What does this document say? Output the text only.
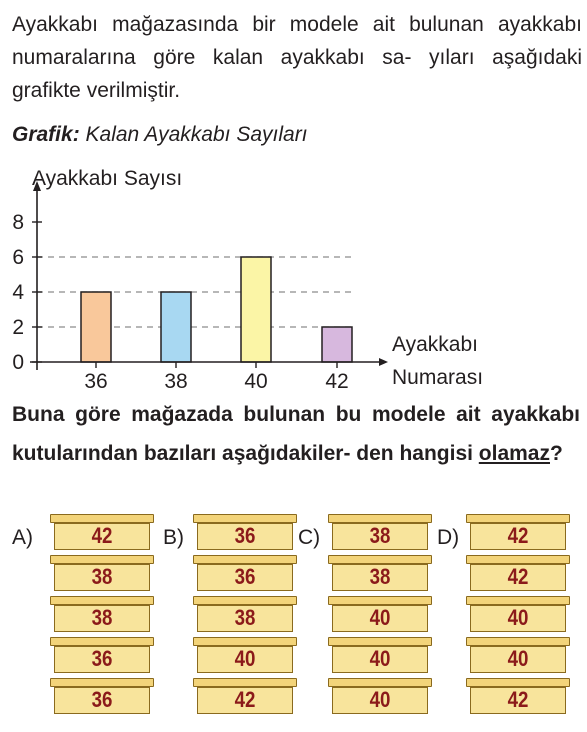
Ayakkabı mağazasında bir modele ait bulunan ayakkabı numaralarına göre kalan ayakkabı sa- yıları aşağıdaki grafikte verilmiştir.

Grafik: Kalan Ayakkabı Sayıları
0
2
4
6
8
36	38	40	42
Ayakkabı Sayısı
Ayakkabı
Numarası

Buna göre mağazada bulunan bu modele ait ayakkabı kutularından bazıları aşağıdakiler- den hangisi olamaz?

A)	42
38
38
36
36
B)	36
36
38
40
42
C)	38
38
40
40
40
D)	42
42
40
40
42
